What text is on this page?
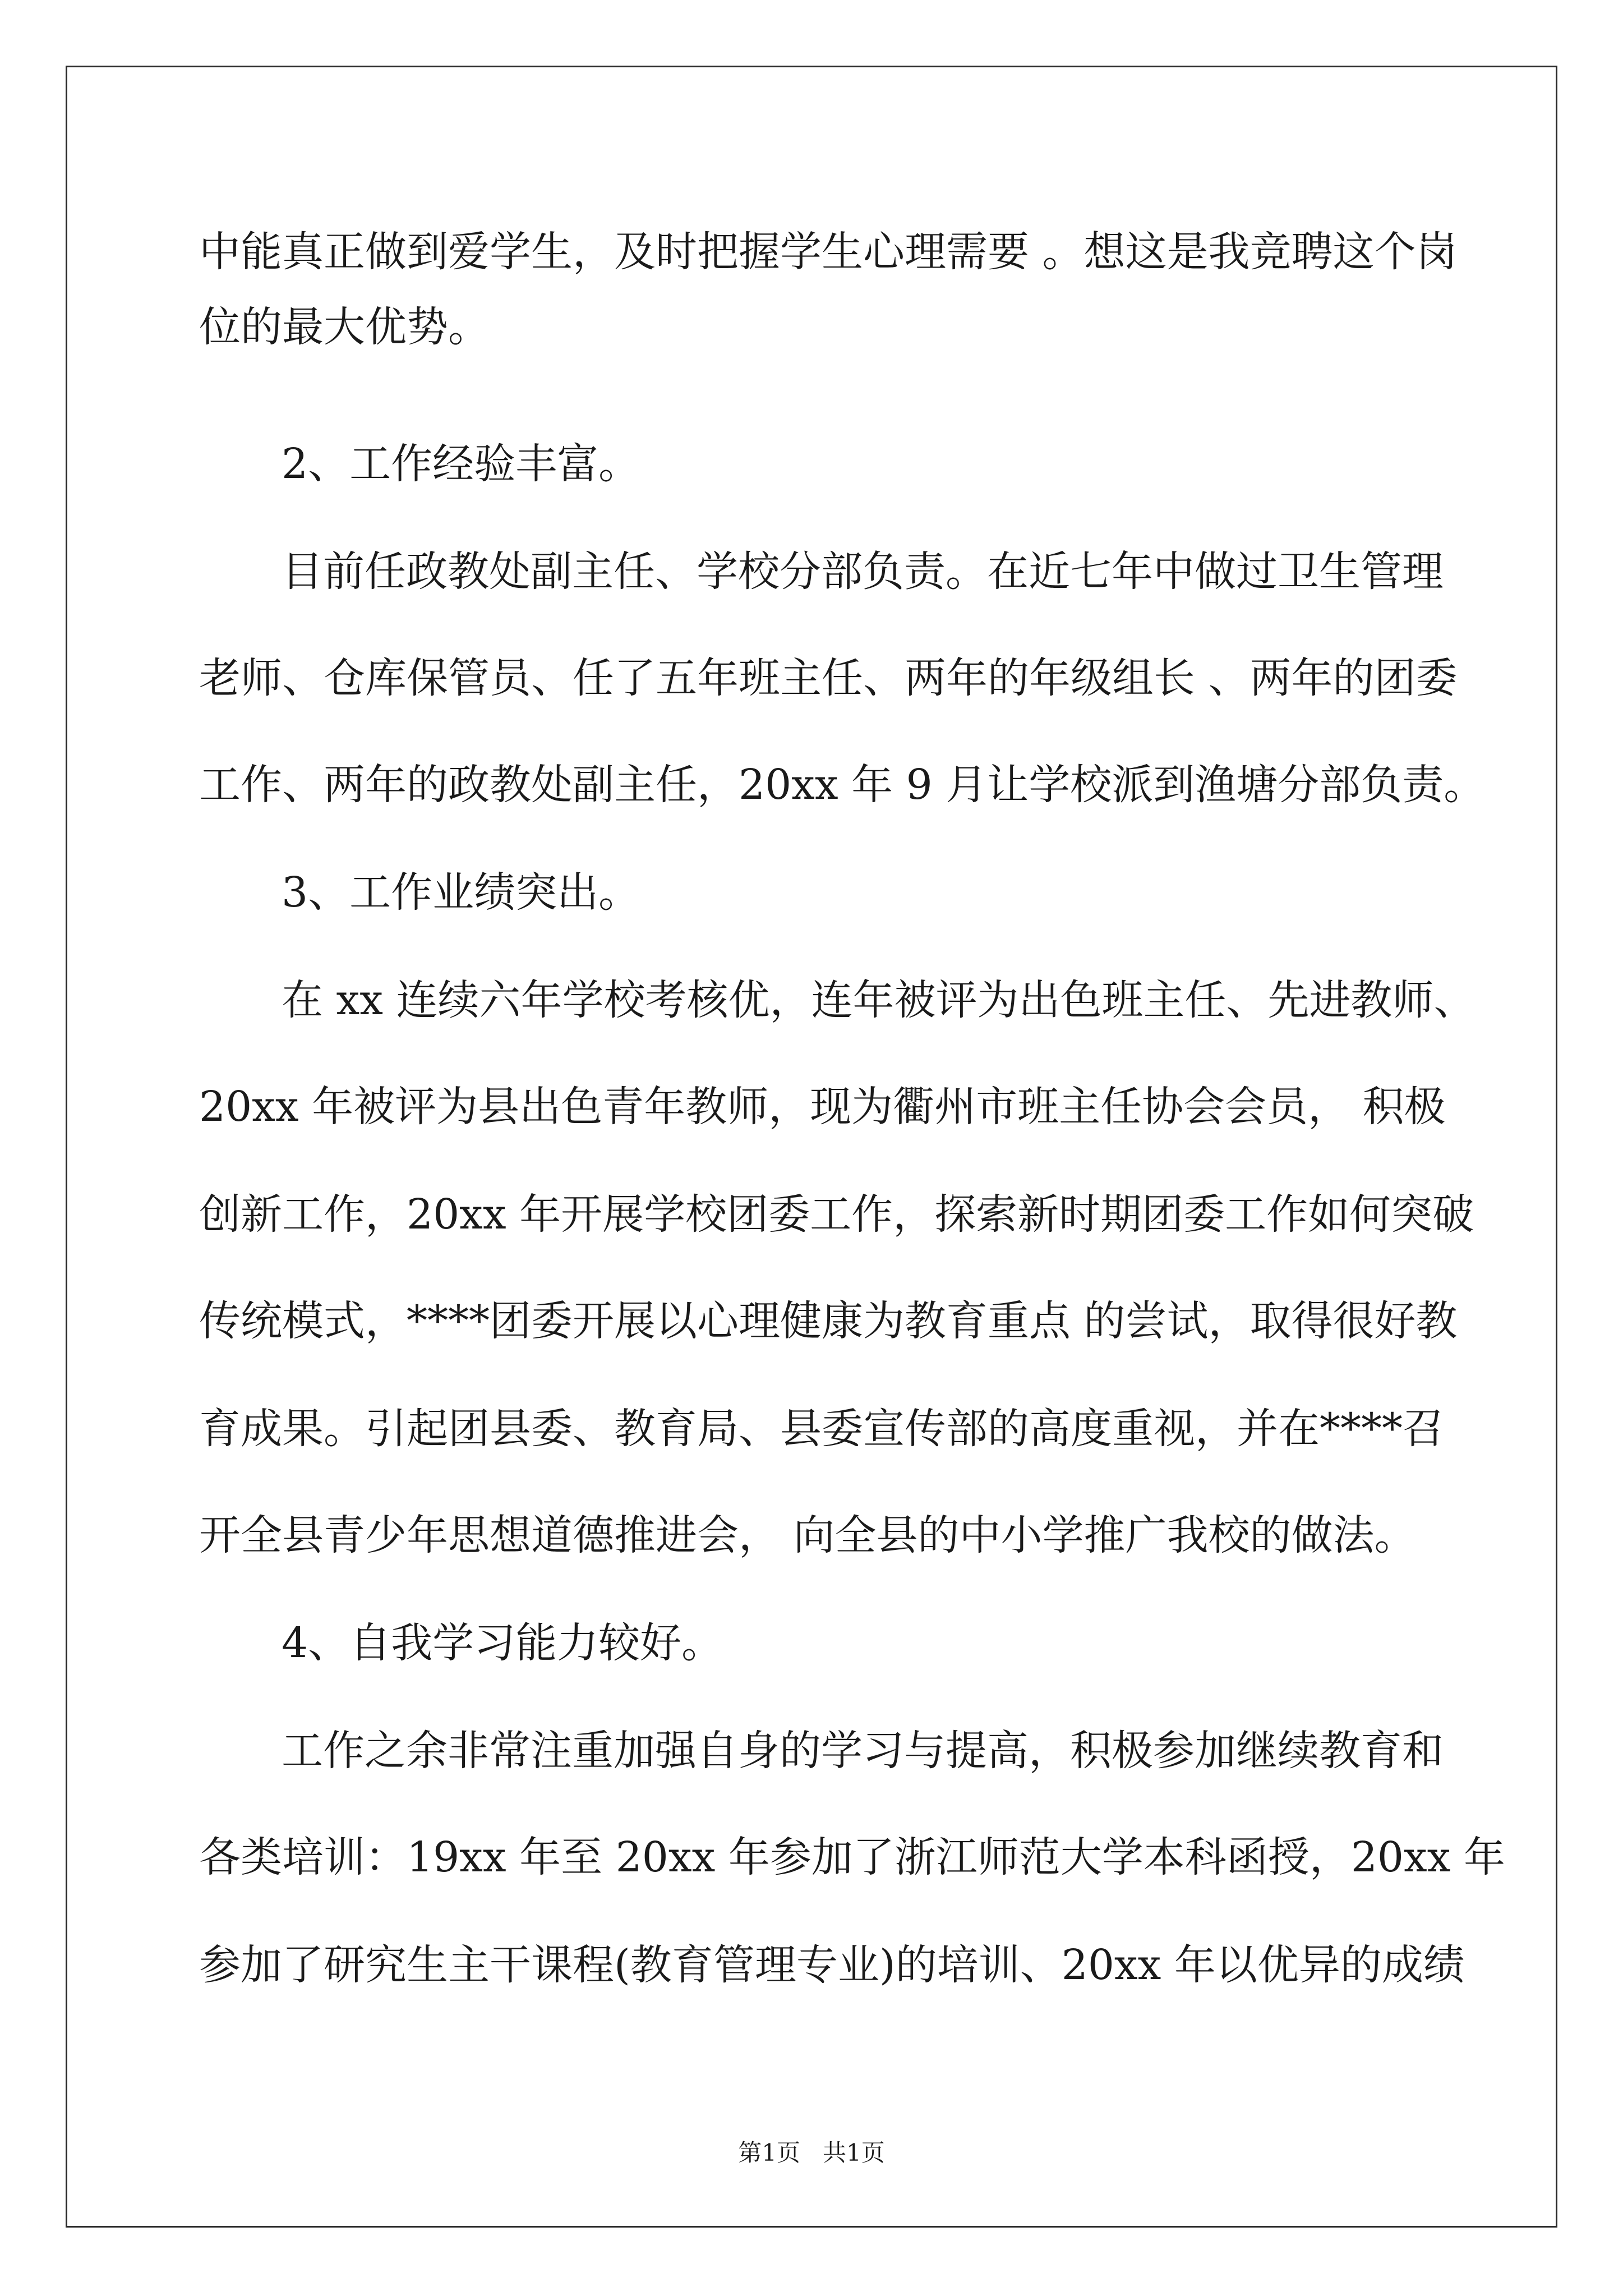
中能真正做到爱学生，及时把握学生心理需要 。想这是我竞聘这个岗

位的最大优势。

2、工作经验丰富。

目前任政教处副主任、学校分部负责。在近七年中做过卫生管理

老师、仓库保管员、任了五年班主任、两年的年级组长 、两年的团委

工作、两年的政教处副主任，20xx 年 9 月让学校派到渔塘分部负责。

3、工作业绩突出。

在 xx 连续六年学校考核优，连年被评为出色班主任、先进教师、

20xx 年被评为县出色青年教师，现为衢州市班主任协会会员， 积极

创新工作，20xx 年开展学校团委工作，探索新时期团委工作如何突破

传统模式，****团委开展以心理健康为教育重点 的尝试，取得很好教

育成果。引起团县委、教育局、县委宣传部的高度重视，并在****召

开全县青少年思想道德推进会， 向全县的中小学推广我校的做法。

4、自我学习能力较好。

工作之余非常注重加强自身的学习与提高，积极参加继续教育和

各类培训：19xx 年至 20xx 年参加了浙江师范大学本科函授，20xx 年

参加了研究生主干课程(教育管理专业)的培训、20xx 年以优异的成绩

第1页   共1页
